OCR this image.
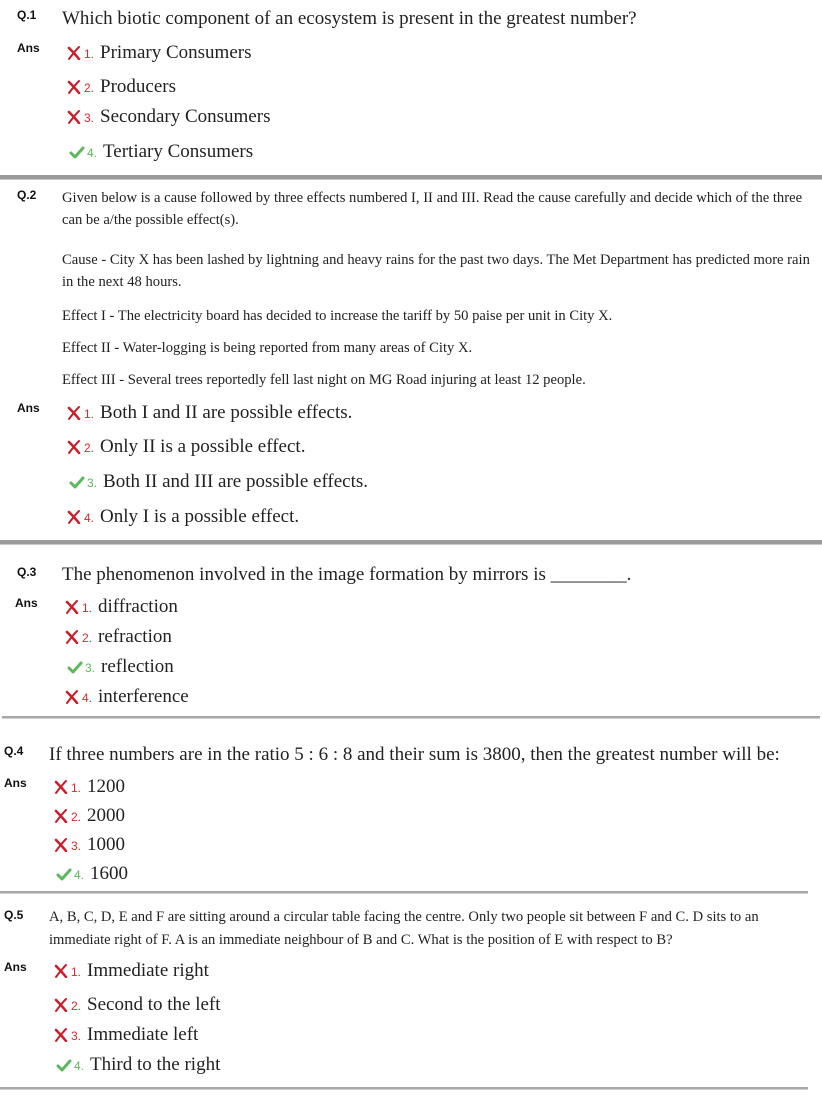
Q.1 Which biotic component of an ecosystem is present in the greatest number?

Ans	1. Primary Consumers
2. Producers
3. Secondary Consumers
4. Tertiary Consumers
Q.2 Given below is a cause followed by three effects numbered I, II and III. Read the cause carefully and decide which of the three can be a/the possible effect(s).

Cause - City X has been lashed by lightning and heavy rains for the past two days. The Met Department has predicted more rain in the next 48 hours.

Effect I - The electricity board has decided to increase the tariff by 50 paise per unit in City X.

Effect II - Water-logging is being reported from many areas of City X.

Effect III - Several trees reportedly fell last night on MG Road injuring at least 12 people.

Ans	1. Both I and II are possible effects.
2. Only II is a possible effect.
3. Both II and III are possible effects.
4. Only I is a possible effect.
Q.3 The phenomenon involved in the image formation by mirrors is ________.

Ans	1. diffraction
2. refraction
3. reflection
4. interference
Q.4 If three numbers are in the ratio 5 : 6 : 8 and their sum is 3800, then the greatest number will be:

Ans	1. 1200
2. 2000
3. 1000
4. 1600
Q.5 A, B, C, D, E and F are sitting around a circular table facing the centre. Only two people sit between F and C. D sits to an immediate right of F. A is an immediate neighbour of B and C. What is the position of E with respect to B?

Ans	1. Immediate right
2. Second to the left
3. Immediate left
4. Third to the right
